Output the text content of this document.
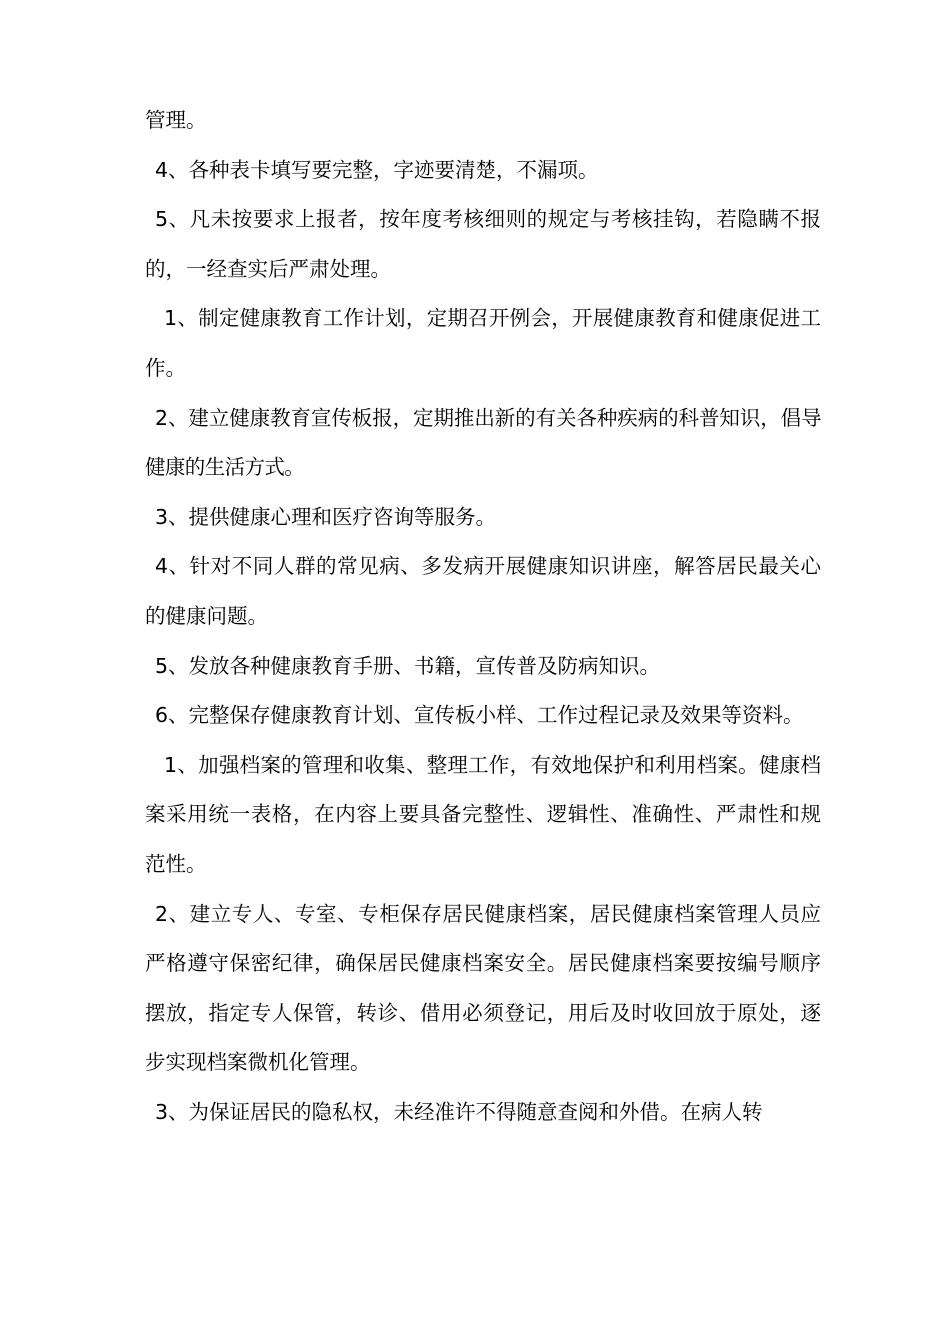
管理。

4、各种表卡填写要完整，字迹要清楚，不漏项。

5、凡未按要求上报者，按年度考核细则的规定与考核挂钩，若隐瞒不报的，一经查实后严肃处理。

1、制定健康教育工作计划，定期召开例会，开展健康教育和健康促进工作。

2、建立健康教育宣传板报，定期推出新的有关各种疾病的科普知识，倡导健康的生活方式。

3、提供健康心理和医疗咨询等服务。

4、针对不同人群的常见病、多发病开展健康知识讲座，解答居民最关心的健康问题。

5、发放各种健康教育手册、书籍，宣传普及防病知识。

6、完整保存健康教育计划、宣传板小样、工作过程记录及效果等资料。

1、加强档案的管理和收集、整理工作，有效地保护和利用档案。健康档案采用统一表格，在内容上要具备完整性、逻辑性、准确性、严肃性和规范性。

2、建立专人、专室、专柜保存居民健康档案，居民健康档案管理人员应严格遵守保密纪律，确保居民健康档案安全。居民健康档案要按编号顺序摆放，指定专人保管，转诊、借用必须登记，用后及时收回放于原处，逐步实现档案微机化管理。

3、为保证居民的隐私权，未经准许不得随意查阅和外借。在病人转
